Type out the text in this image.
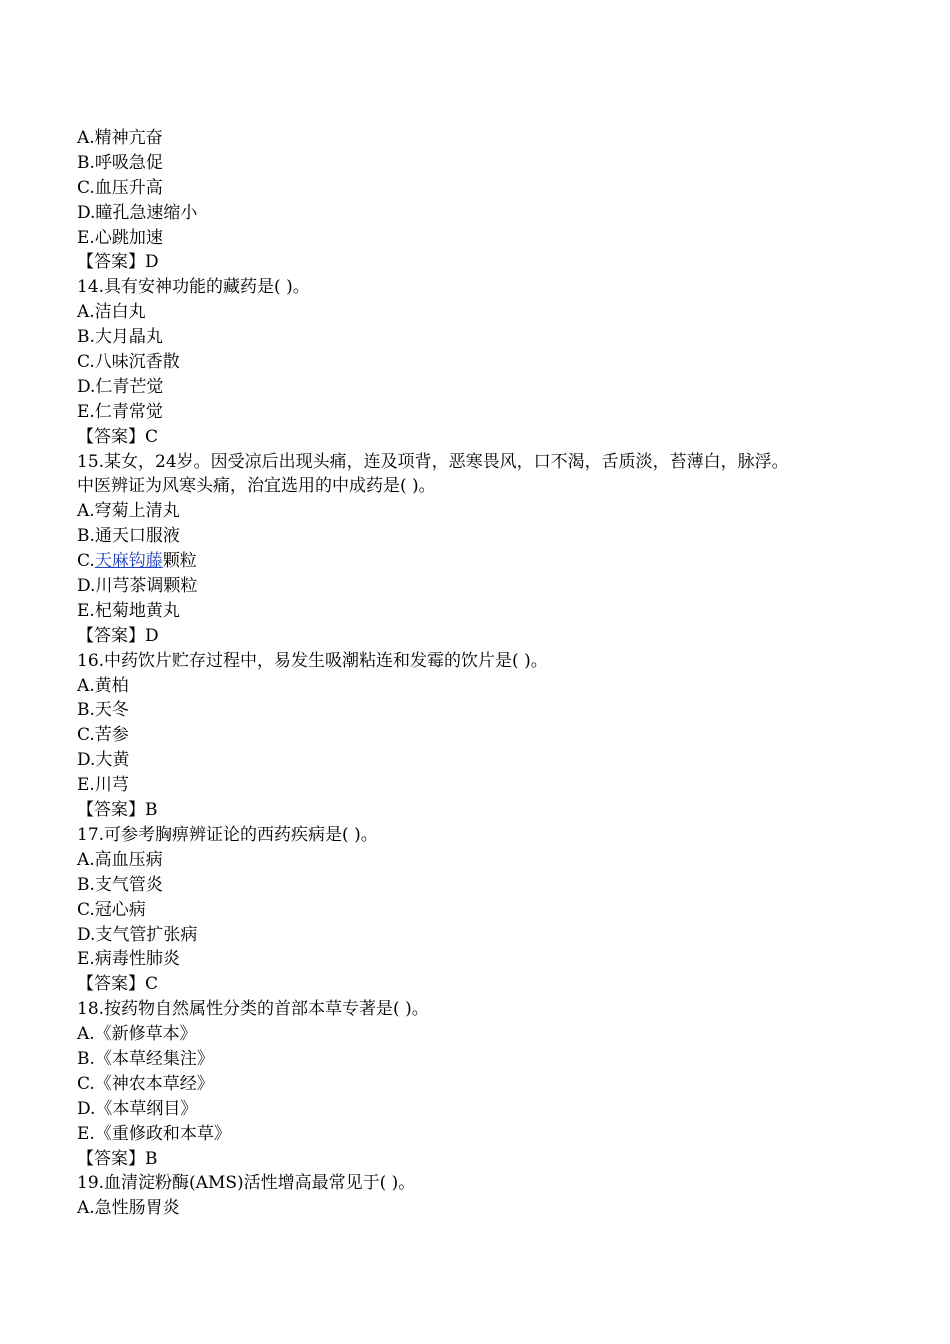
A.精神亢奋
B.呼吸急促
C.血压升高
D.瞳孔急速缩小
E.心跳加速
【答案】D
14.具有安神功能的藏药是( )。
A.洁白丸
B.大月晶丸
C.八味沉香散
D.仁青芒觉
E.仁青常觉
【答案】C
15.某女，24岁。因受凉后出现头痛，连及项背，恶寒畏风，口不渴，舌质淡，苔薄白，脉浮。
中医辨证为风寒头痛，治宜选用的中成药是( )。
A.穹菊上清丸
B.通天口服液
C.天麻钩藤颗粒
D.川芎茶调颗粒
E.杞菊地黄丸
【答案】D
16.中药饮片贮存过程中，易发生吸潮粘连和发霉的饮片是( )。
A.黄柏
B.天冬
C.苦参
D.大黄
E.川芎
【答案】B
17.可参考胸痹辨证论的西药疾病是( )。
A.高血压病
B.支气管炎
C.冠心病
D.支气管扩张病
E.病毒性肺炎
【答案】C
18.按药物自然属性分类的首部本草专著是( )。
A.《新修草本》
B.《本草经集注》
C.《神农本草经》
D.《本草纲目》
E.《重修政和本草》
【答案】B
19.血清淀粉酶(AMS)活性增高最常见于( )。
A.急性肠胃炎
